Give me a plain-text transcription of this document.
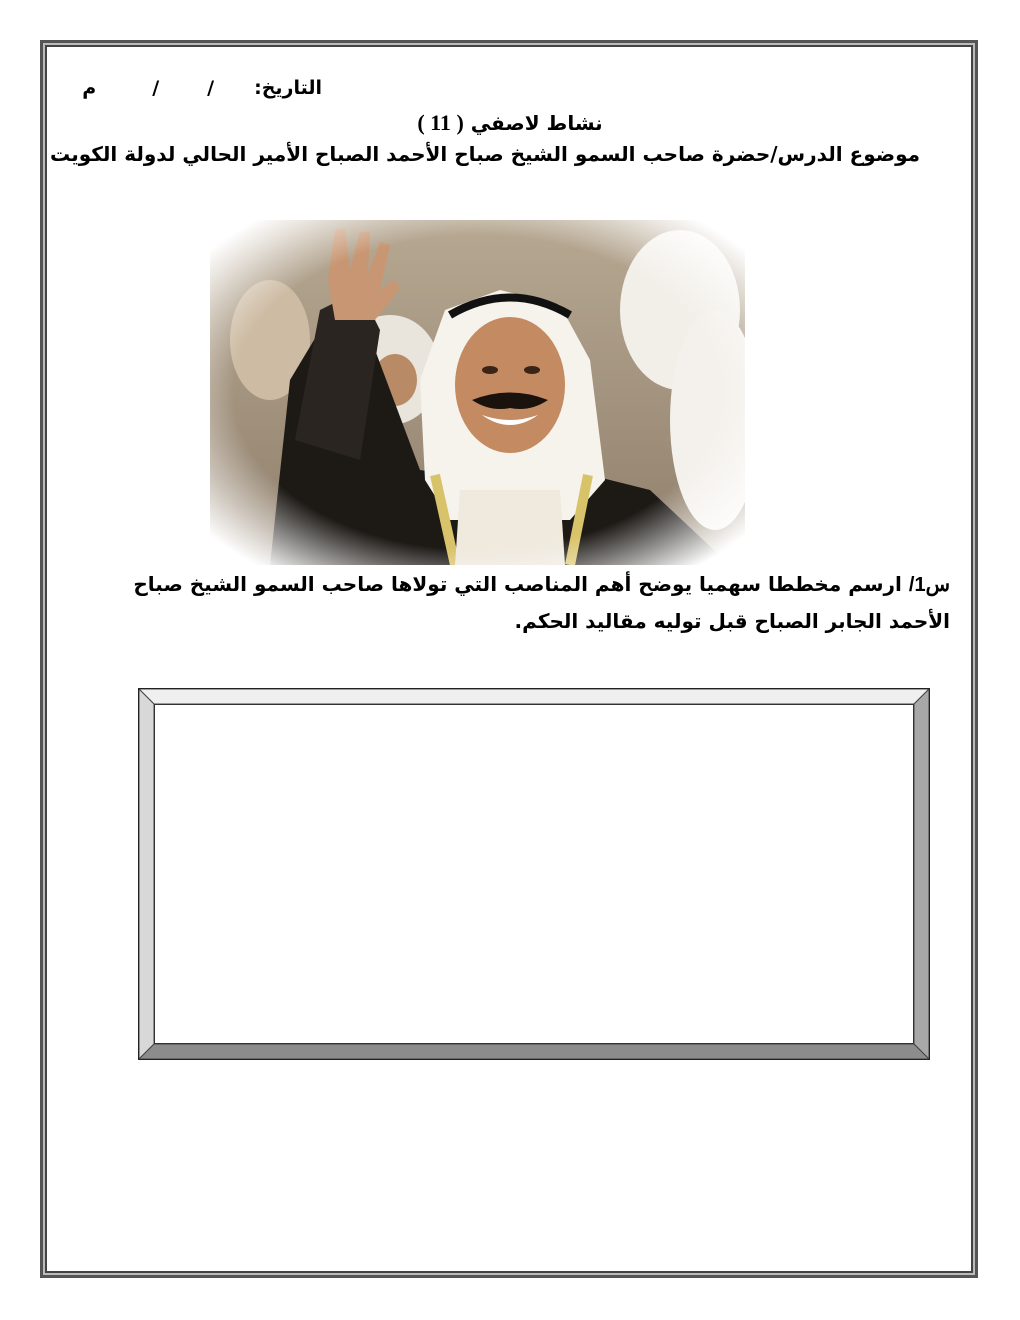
التاريخ:
/
/
م
نشاط لاصفي ( 11 )
موضوع الدرس/حضرة صاحب السمو الشيخ صباح الأحمد الصباح الأمير الحالي لدولة الكويت
س1/ ارسم مخططا سهميا يوضح أهم المناصب التي تولاها صاحب السمو الشيخ صباح الأحمد الجابر الصباح قبل توليه مقاليد الحكم.
